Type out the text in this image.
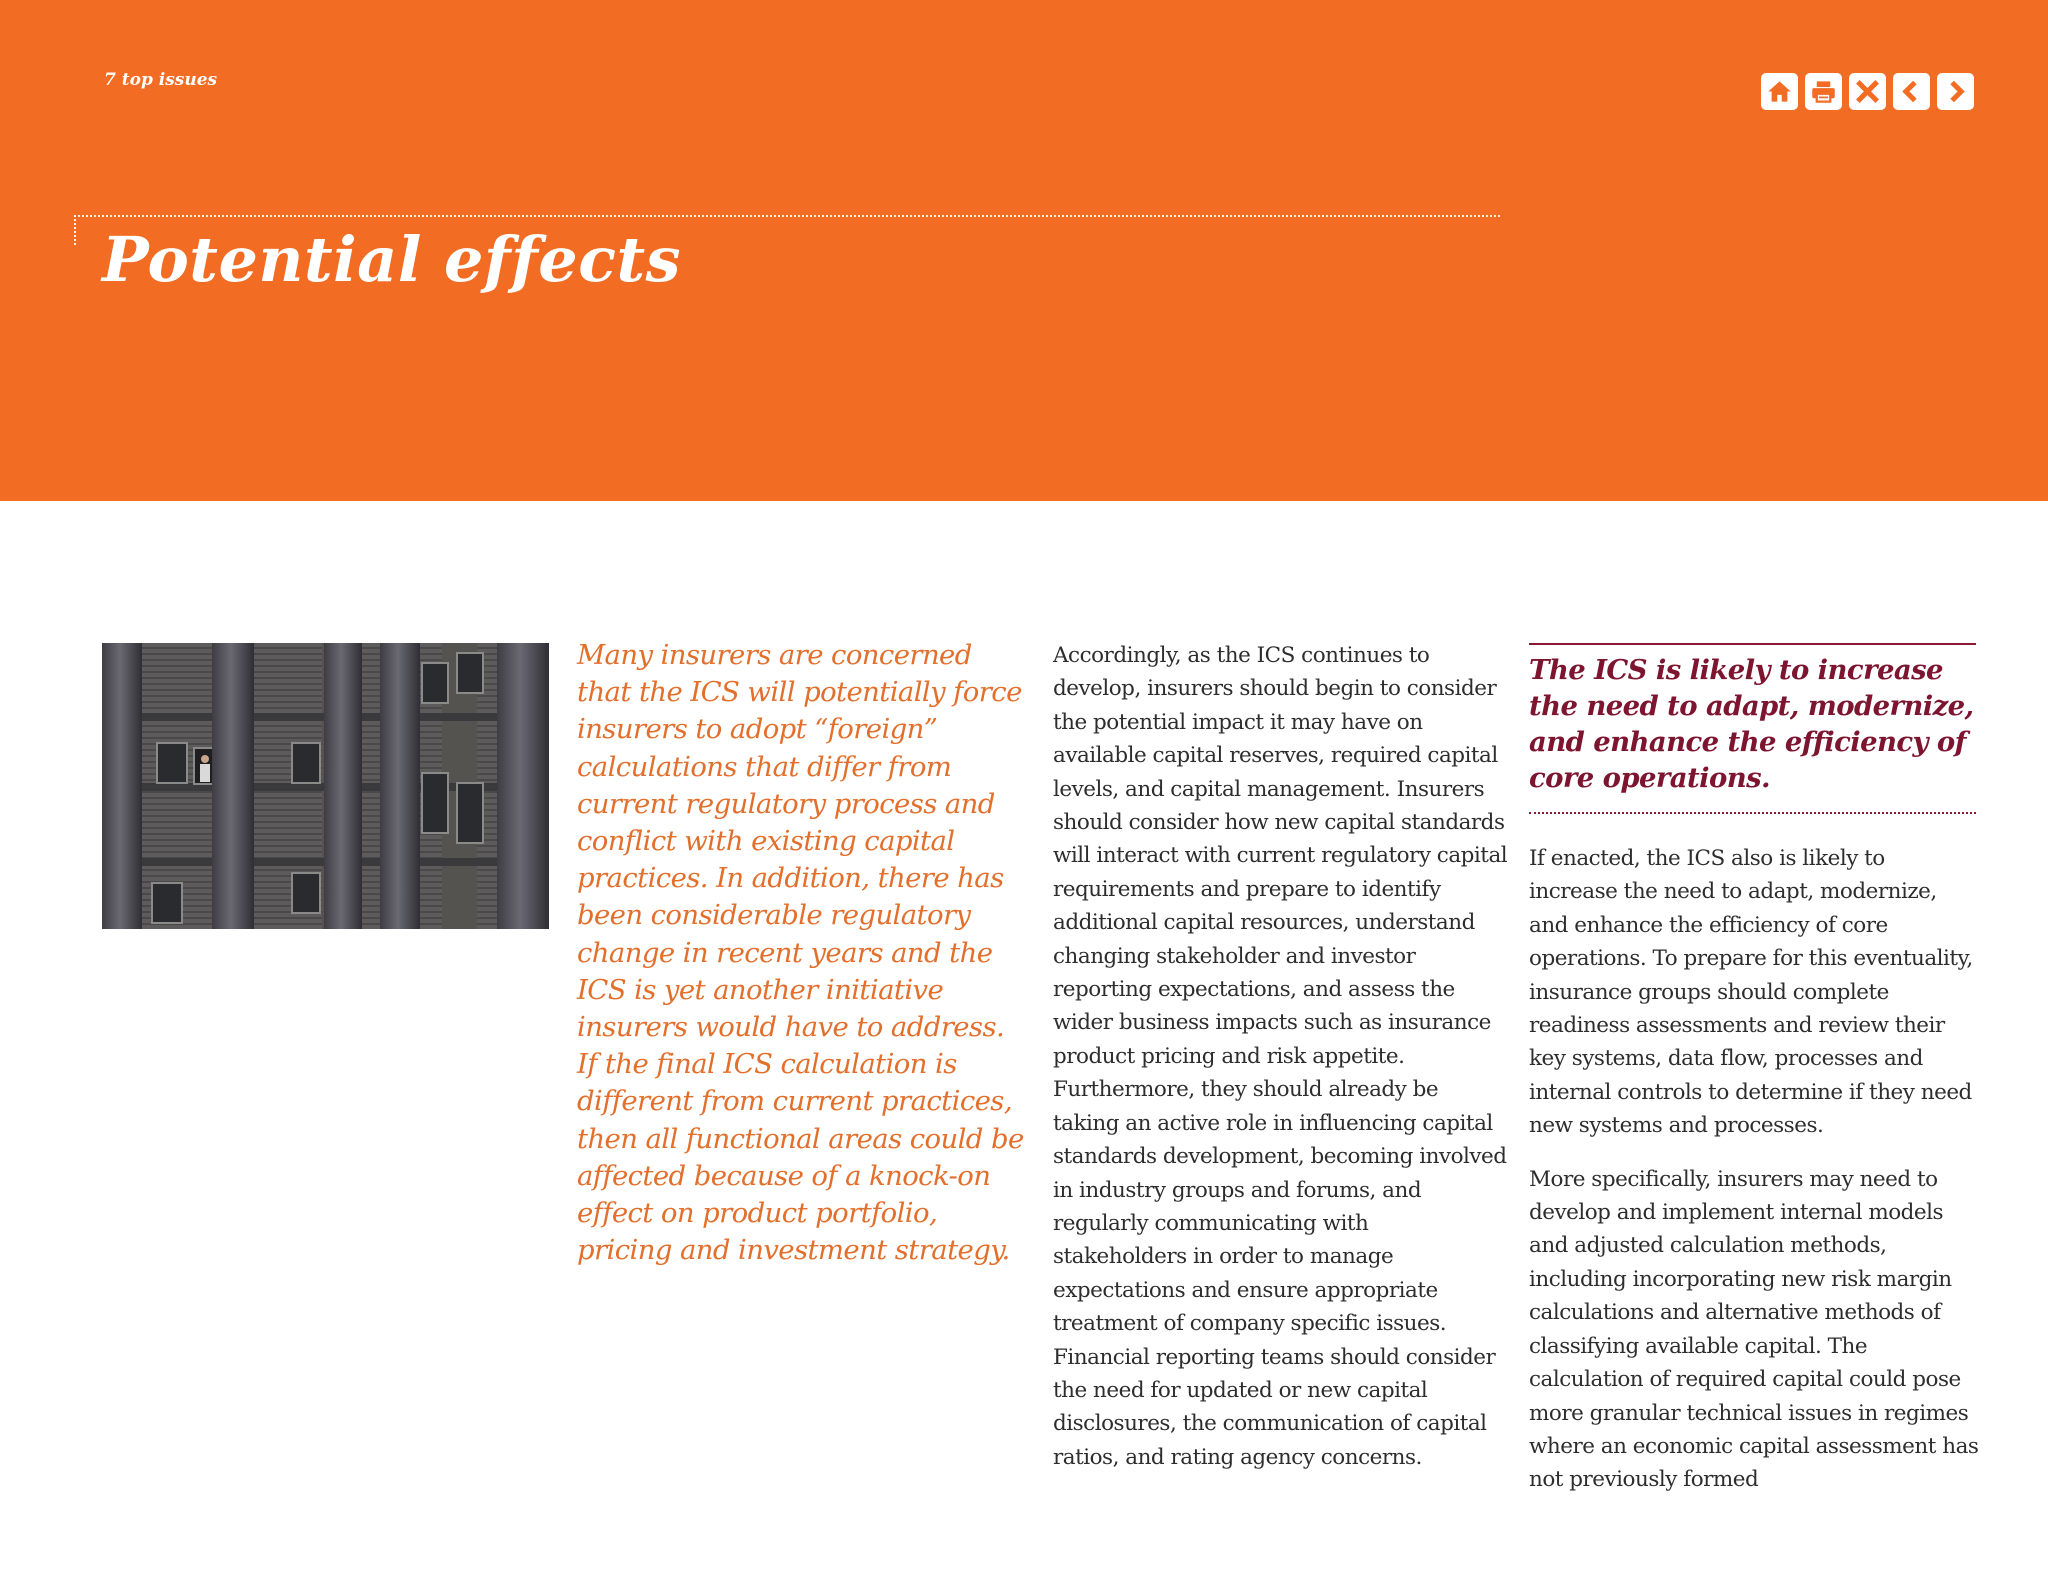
7 top issues
Potential effects

Many insurers are concerned that the ICS will potentially force insurers to adopt “foreign” calculations that differ from current regulatory process and conflict with existing capital practices. In addition, there has been considerable regulatory change in recent years and the ICS is yet another initiative insurers would have to address. If the final ICS calculation is different from current practices, then all functional areas could be affected because of a knock-on effect on product portfolio, pricing and investment strategy.

Accordingly, as the ICS continues to develop, insurers should begin to consider the potential impact it may have on available capital reserves, required capital levels, and capital management. Insurers should consider how new capital standards will interact with current regulatory capital requirements and prepare to identify additional capital resources, understand changing stakeholder and investor reporting expectations, and assess the wider business impacts such as insurance product pricing and risk appetite. Furthermore, they should already be taking an active role in influencing capital standards development, becoming involved in industry groups and forums, and regularly communicating with stakeholders in order to manage expectations and ensure appropriate treatment of company specific issues. Financial reporting teams should consider the need for updated or new capital disclosures, the communication of capital ratios, and rating agency concerns.

The ICS is likely to increase the need to adapt, modernize, and enhance the efficiency of core operations.

If enacted, the ICS also is likely to increase the need to adapt, modernize, and enhance the efficiency of core operations. To prepare for this eventuality, insurance groups should complete readiness assessments and review their key systems, data flow, processes and internal controls to determine if they need new systems and processes.

More specifically, insurers may need to develop and implement internal models and adjusted calculation methods, including incorporating new risk margin calculations and alternative methods of classifying available capital. The calculation of required capital could pose more granular technical issues in regimes where an economic capital assessment has not previously formed
